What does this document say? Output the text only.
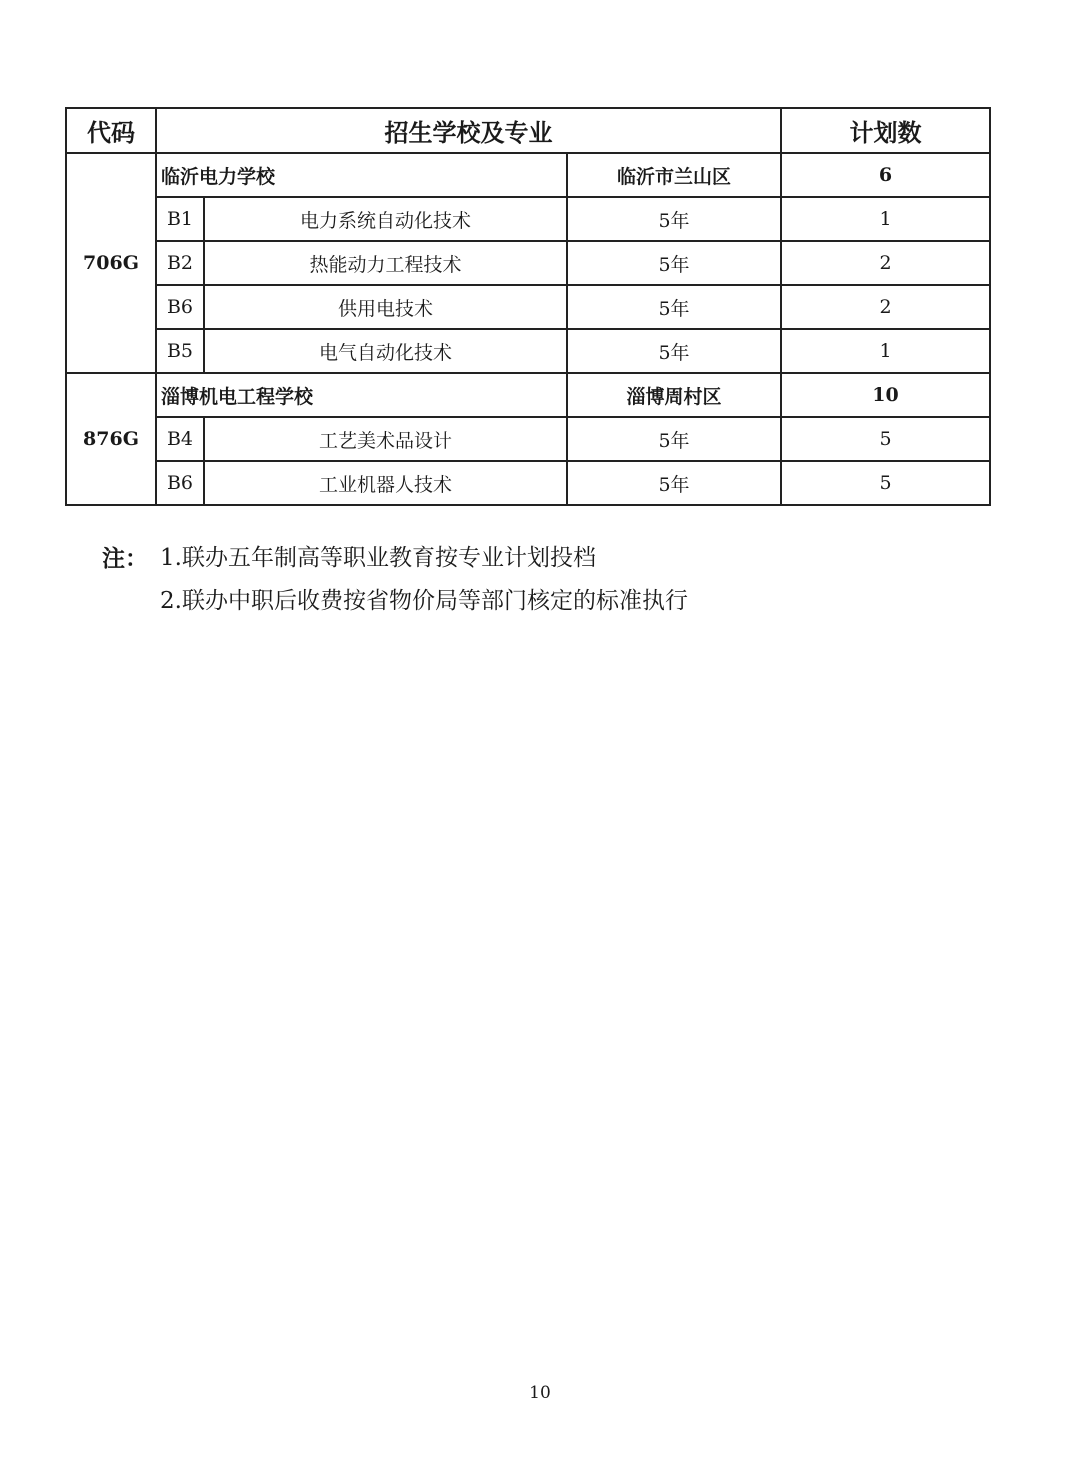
代码	招生学校及专业			计划数
706G	临沂电力学校		临沂市兰山区	6
	B1	电力系统自动化技术	5年	1
	B2	热能动力工程技术	5年	2
	B6	供用电技术	5年	2
	B5	电气自动化技术	5年	1
876G	淄博机电工程学校		淄博周村区	10
	B4	工艺美术品设计	5年	5
	B6	工业机器人技术	5年	5
注： 1.联办五年制高等职业教育按专业计划投档
2.联办中职后收费按省物价局等部门核定的标准执行
10
